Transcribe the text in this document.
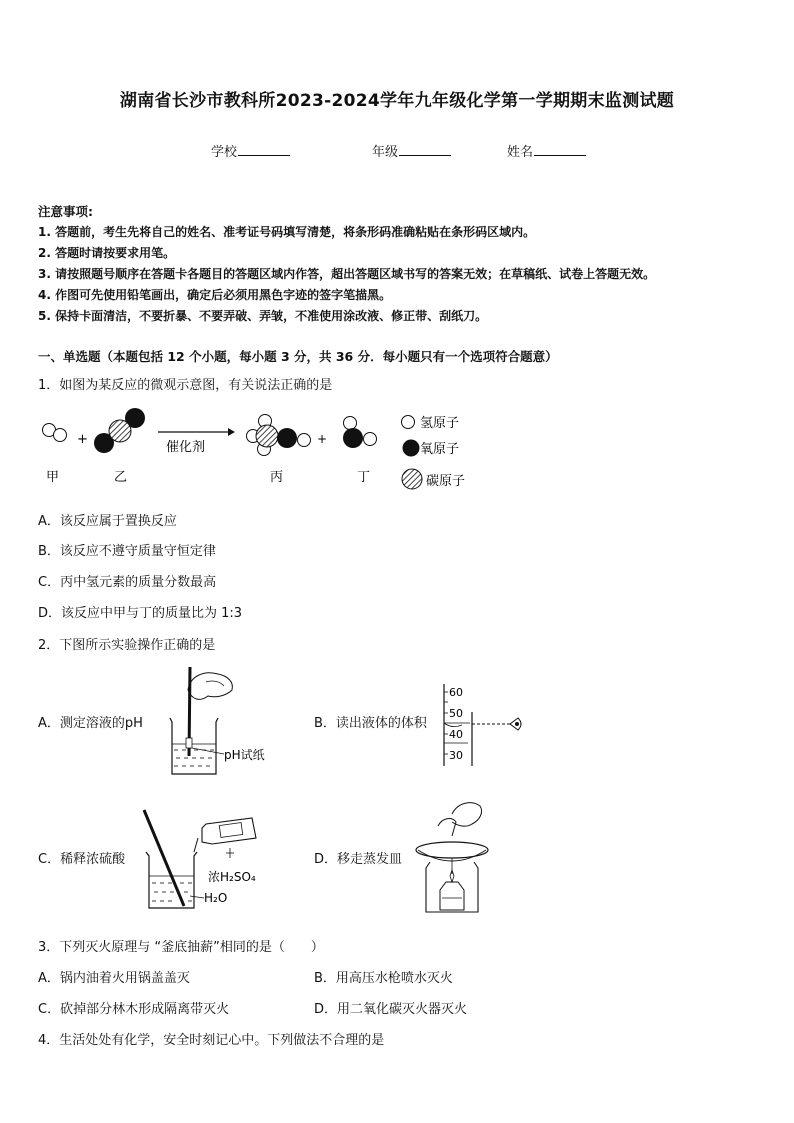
湖南省长沙市教科所2023-2024学年九年级化学第一学期期末监测试题
学校	年级	姓名
注意事项:
1. 答题前，考生先将自己的姓名、准考证号码填写清楚，将条形码准确粘贴在条形码区域内。
2. 答题时请按要求用笔。
3. 请按照题号顺序在答题卡各题目的答题区域内作答，超出答题区域书写的答案无效；在草稿纸、试卷上答题无效。
4. 作图可先使用铅笔画出，确定后必须用黑色字迹的签字笔描黑。
5. 保持卡面清洁，不要折暴、不要弄破、弄皱，不准使用涂改液、修正带、刮纸刀。
一、单选题（本题包括 12 个小题，每小题 3 分，共 36 分．每小题只有一个选项符合题意）
1．如图为某反应的微观示意图，有关说法正确的是
+
催化剂
+
甲	乙	丙	丁
氢原子
氧原子
碳原子
A．该反应属于置换反应
B．该反应不遵守质量守恒定律
C．丙中氢元素的质量分数最高
D．该反应中甲与丁的质量比为 1:3
2．下图所示实验操作正确的是
A．测定溶液的pH
pH试纸
B．读出液体的体积
60
50
40
30
C．稀释浓硫酸
浓H₂SO₄
H₂O
D．移走蒸发皿
3．下列灭火原理与 “釜底抽薪”相同的是（　　）
A．锅内油着火用锅盖盖灭	B．用高压水枪喷水灭火
C．砍掉部分林木形成隔离带灭火	D．用二氧化碳灭火器灭火
4．生活处处有化学，安全时刻记心中。下列做法不合理的是
